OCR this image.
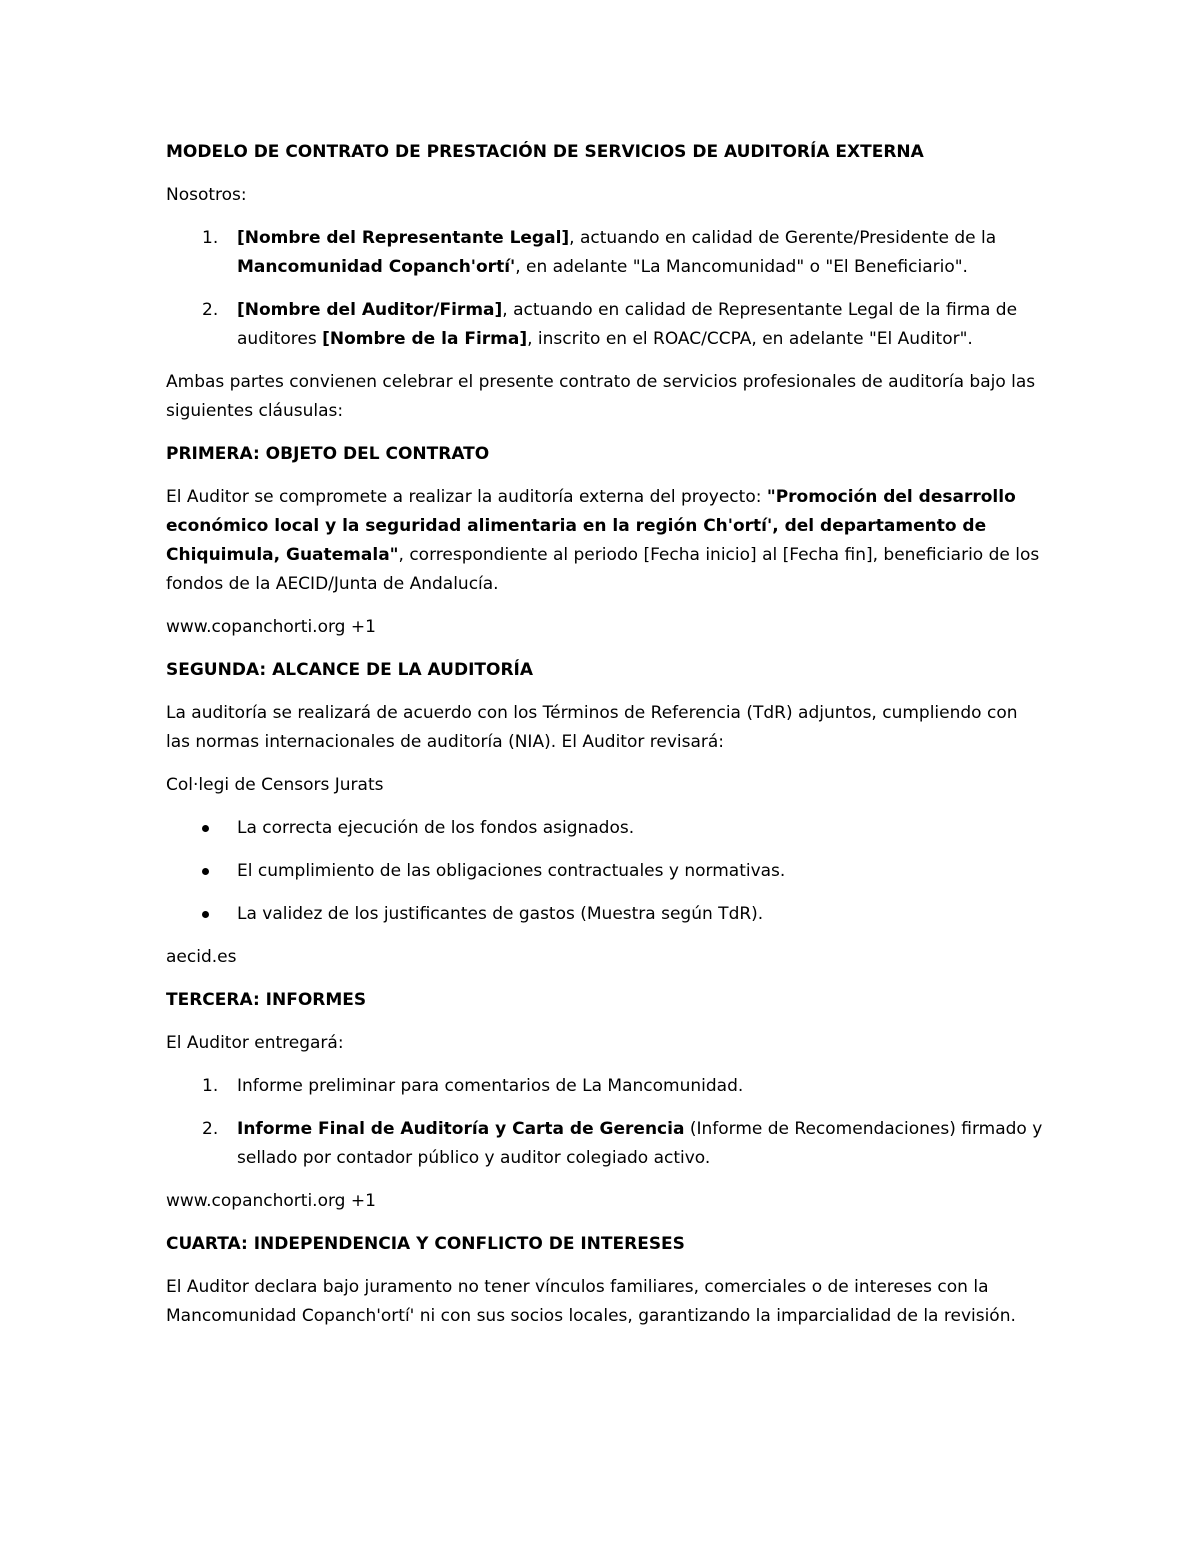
MODELO DE CONTRATO DE PRESTACIÓN DE SERVICIOS DE AUDITORÍA EXTERNA

Nosotros:

1. [Nombre del Representante Legal], actuando en calidad de Gerente/Presidente de la Mancomunidad Copanch'ortí', en adelante "La Mancomunidad" o "El Beneficiario".
2. [Nombre del Auditor/Firma], actuando en calidad de Representante Legal de la firma de auditores [Nombre de la Firma], inscrito en el ROAC/CCPA, en adelante "El Auditor".

Ambas partes convienen celebrar el presente contrato de servicios profesionales de auditoría bajo las siguientes cláusulas:

PRIMERA: OBJETO DEL CONTRATO

El Auditor se compromete a realizar la auditoría externa del proyecto: "Promoción del desarrollo económico local y la seguridad alimentaria en la región Ch'ortí', del departamento de Chiquimula, Guatemala", correspondiente al periodo [Fecha inicio] al [Fecha fin], beneficiario de los fondos de la AECID/Junta de Andalucía.

www.copanchorti.org +1

SEGUNDA: ALCANCE DE LA AUDITORÍA

La auditoría se realizará de acuerdo con los Términos de Referencia (TdR) adjuntos, cumpliendo con las normas internacionales de auditoría (NIA). El Auditor revisará:

Col·legi de Censors Jurats

La correcta ejecución de los fondos asignados.
El cumplimiento de las obligaciones contractuales y normativas.
La validez de los justificantes de gastos (Muestra según TdR).

aecid.es

TERCERA: INFORMES

El Auditor entregará:

1. Informe preliminar para comentarios de La Mancomunidad.
2. Informe Final de Auditoría y Carta de Gerencia (Informe de Recomendaciones) firmado y sellado por contador público y auditor colegiado activo.

www.copanchorti.org +1

CUARTA: INDEPENDENCIA Y CONFLICTO DE INTERESES

El Auditor declara bajo juramento no tener vínculos familiares, comerciales o de intereses con la Mancomunidad Copanch'ortí' ni con sus socios locales, garantizando la imparcialidad de la revisión.
